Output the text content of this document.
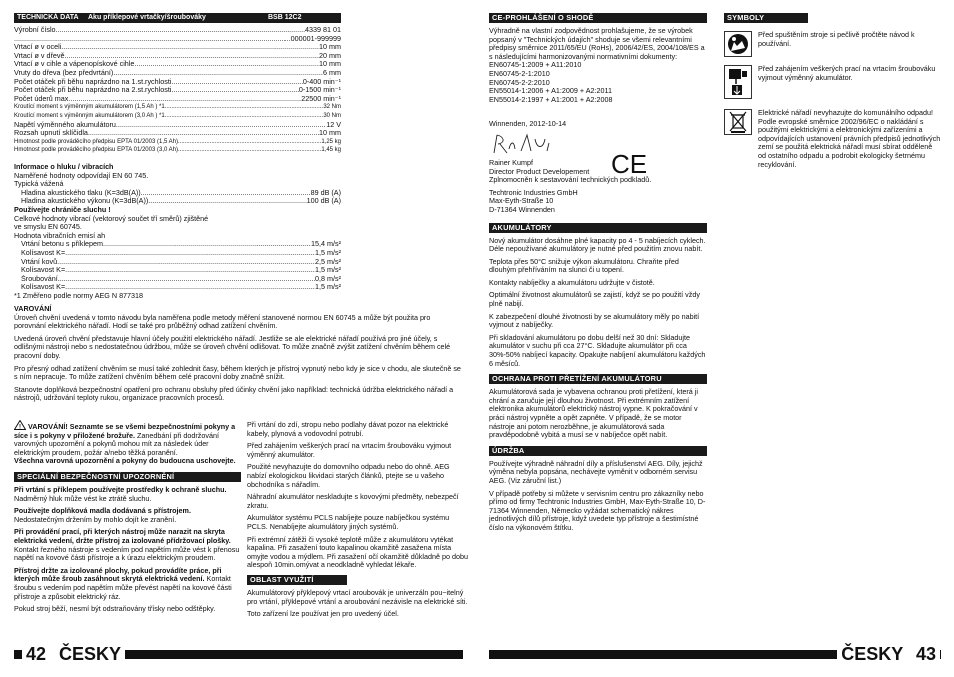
TECHNICKÁ DATA	Aku příklepové vrtačky/šroubováky	BSB 12C2
Výrobní číslo .....	4339 81 01
.....
...000001-999999
Vrtací ø v oceli .....	10 mm
Vrtací ø v dřevě .....	20 mm
Vrtací ø v cihle a vápenopískové cihle .....	10 mm
Vruty do dřeva (bez předvrtání) .....	6 mm
Počet otáček při běhu naprázdno na 1.st.rychlosti .....	0-400 min⁻¹
Počet otáček při běhu naprázdno na 2.st.rychlosti .....	0-1500 min⁻¹
Počet úderů max .....	22500 min⁻¹
Kroutící moment s výměnným akumulátorem (1,5 Ah ) *1 .....	32 Nm
Kroutící moment s výměnným akumulátorem (3,0 Ah ) *1 .....	30 Nm
Napětí výměnného akumulátoru .....	12 V
Rozsah upnutí sklíčidla .....	10 mm
Hmotnost podle prováděcího předpisu EPTA 01/2003 (1,5 Ah) .....	1,25 kg
Hmotnost podle prováděcího předpisu EPTA 01/2003 (3,0 Ah) .....	1,45 kg

Informace o hluku / vibracích

Naměřené hodnoty odpovídají EN 60 745.

Typická vážená

Hladina akustického tlaku (K=3dB(A)) .....	89 dB (A)
Hladina akustického výkonu (K=3dB(A)) .....	100 dB (A)

Používejte chrániče sluchu !

Celkové hodnoty vibrací (vektorový součet tří směrů) zjištěné

ve smyslu EN 60745.

Hodnota vibračních emisí ah

Vrtání betonu s příklepem .....	15,4 m/s²
Kolísavost K= .....	1,5 m/s²
Vrtání kovů .....	2,5 m/s²
Kolísavost K= .....	1,5 m/s²
Šroubování .....	0,8 m/s²
Kolísavost K= .....	1,5 m/s²

*1 Změřeno podle normy AEG N 877318

VAROVÁNÍ

Úroveň chvění uvedená v tomto návodu byla naměřena podle metody měření stanovené normou EN 60745 a může být použita pro porovnání elektrického nářadí. Hodí se také pro průběžný odhad zatížení chvěním.

Uvedená úroveň chvění představuje hlavní účely použití elektrického nářadí. Jestliže se ale elektrické nářadí používá pro jiné účely, s odlišnými nástroji nebo s nedostatečnou údržbou, může se úroveň chvění odlišovat. To může značně zvýšit zatížení chvěním během celé pracovní doby.

Pro přesný odhad zatížení chvěním se musí také zohlednit časy, během kterých je přístroj vypnutý nebo kdy je sice v chodu, ale skutečně se s ním nepracuje. To může zatížení chvěním během celé pracovní doby značně snížit.

Stanovte doplňková bezpečnostní opatření pro ochranu obsluhy před účinky chvění jako například: technická údržba elektrického nářadí a nástrojů, udržování teploty rukou, organizace pracovních procesů.

! VAROVÁNÍ! Seznamte se se všemi bezpečnostními pokyny a síce i s pokyny v přiložené brožuře. Zanedbání při dodržování varovných upozornění a pokynů mohou mít za následek úder elektrickým proudem, požár a/nebo těžká poranění.

Všechna varovná upozornění a pokyny do budoucna uschovejte.

SPECIÁLNÍ BEZPEČNOSTNÍ UPOZORNĚNÍ

Při vrtání s příklepem používejte prostředky k ochraně sluchu. Nadměrný hluk může vést ke ztrátě sluchu.

Používejte doplňková madla dodávaná s přístrojem. Nedostatečným držením by mohlo dojít ke zranění.

Při provádění prací, při kterých nástroj může narazit na skryta elektrická vedení, držte přístroj za izolované přídržovací plošky. Kontakt řezného nástroje s vedením pod napětím může vést k přenosu napětí na kovové části přístroje a k úrazu elektrickým proudem.

Přístroj držte za izolované plochy, pokud provádíte práce, při kterých může šroub zasáhnout skrytá elektrická vedení. Kontakt šroubu s vedením pod napětím může převést napětí na kovové části přístroje a způsobit elektrický ráz.

Pokud stroj běží, nesmí být odstraňovány třísky nebo odštěpky.

Při vrtání do zdí, stropu nebo podlahy dávat pozor na elektrické kabely, plynová a vodovodní potrubí.

Před zahájením veškerých prací na vrtacím šroubováku vyjmout výměnný akumulátor.

Použité nevyhazujte do domovního odpadu nebo do ohně. AEG nabízí ekologickou likvidaci starých článků, ptejte se u vašeho obchodníka s nářadím.

Náhradní akumulátor neskladujte s kovovými předměty, nebezpečí zkratu.

Akumulátor systému PCLS nabíjejte pouze nabíječkou systému PCLS. Nenabíjejte akumulátory jiných systémů.

Při extrémní zátěži či vysoké teplotě může z akumulátoru vytékat kapalina. Při zasažení touto kapalinou okamžitě zasaženа místa omyjte vodou a mýdlem. Při zasažení očí okamžitě důkladně po dobu alespoň 10min.omývat a neodkladně vyhledat lékaře.

OBLAST VYUŽITÍ

Akumulátorový přÿklepový vrtací aroubovák je univerzáln pou~itelný pro vrtání, přÿklepové vrtání a aroubování nezávisle na elektrické síti.

Toto zařízení lze používat jen pro uvedený účel.

42 ČESKY
CE-PROHLÁŠENÍ O SHODĚ

Výhradně na vlastní zodpovědnost prohlašujeme, že se výrobek popsaný v "Technických údajích" shoduje se všemi relevantními předpisy směrnice 2011/65/EU (RoHs), 2006/42/ES, 2004/108/ES a s následujícími harmonizovanými normativními dokumenty:

EN60745-1:2009 + A11:2010

EN60745-2-1:2010

EN60745-2-2:2010

EN55014-1:2006 + A1:2009 + A2:2011

EN55014-2:1997 + A1:2001 + A2:2008

Winnenden, 2012-10-14

Rainer Kumpf

Director Product Developement CE

Zplnomocněn k sestavování technických podkladů.

Techtronic Industries GmbH

Max-Eyth-Straße 10

D-71364 Winnenden

AKUMULÁTORY

Nový akumulátor dosáhne plné kapacity po 4 - 5 nabíjecích cyklech. Déle nepoužívané akumulátory je nutné před použitím znovu nabít.

Teplota přes 50°C snižuje výkon akumulátoru. Chraňte před dlouhým přehříváním na slunci či u topení.

Kontakty nabíječky a akumulátoru udržujte v čistotě.

Optimální životnost akumulátorů se zajistí, když se po použití vždy plně nabijí.

K zabezpečení dlouhé životnosti by se akumulátory měly po nabití vyjmout z nabíječky.

Při skladování akumulátoru po dobu delší než 30 dní: Skladujte akumulátor v suchu při cca 27°C. Skladujte akumulátor při cca 30%-50% nabíjecí kapacity. Opakujte nabíjení akumulátoru každých 6 měsíců.

OCHRANA PROTI PŘETÍŽENÍ AKUMULÁTORU

Akumulátorová sada je vybavena ochranou proti přetížení, která ji chrání a zaručuje její dlouhou životnost. Při extrémním zatížení elektronika akumulátorů elektrický nástroj vypne. K pokračování v práci nástroj vypněte a opět zapněte. V případě, že se motor nástroje ani potom nerozběhne, je akumulátorová sada pravděpodobně vybitá a musí se v nabíječce opět nabít.

ÚDRŽBA

Používejte výhradně náhradní díly a příslušenství AEG. Díly, jejichž výměna nebyla popsána, nechávejte vyměnit v odborném servisu AEG. (Viz záruční list.)

V případě potřeby si můžete v servisním centru pro zákazníky nebo přímo od firmy Techtronic Industries GmbH, Max-Eyth-Straße 10, D-71364 Winnenden, Německo vyžádat schematický nákres jednotlivých dílů přístroje, když uvedete typ přístroje a šestimístné číslo na výkonovém štítku.

SYMBOLY

Před spuštěním stroje si pečlivě pročtěte návod k používání.

Před zahájením veškerých prací na vrtacím šroubováku vyjmout výměnný akumulátor.

Elektrické nářadí nevyhazujte do komunálního odpadu! Podle evropské směrnice 2002/96/EC o nakládání s použitými elektrickými a elektronickými zařízeními a odpovídajících ustanovení právních předpisů jednotlivých zemí se použitá elektrická nářadí musí sbírat odděleně od ostatního odpadu a podrobit ekologicky šetrnému recyklování.

ČESKY 43
